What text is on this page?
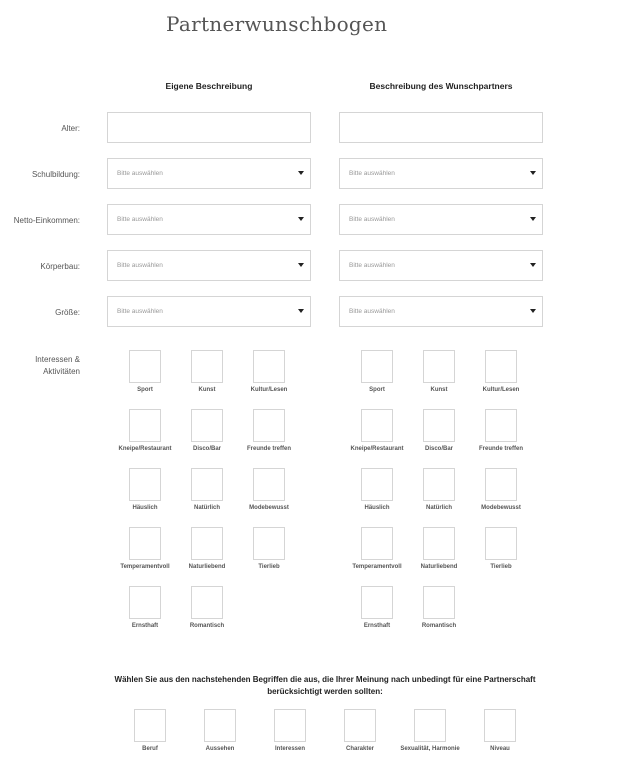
Partnerwunschbogen
Eigene Beschreibung	Beschreibung des Wunschpartners
Alter:
Schulbildung:	Bitte auswählen	Bitte auswählen
Netto-Einkommen:	Bitte auswählen	Bitte auswählen
Körperbau:	Bitte auswählen	Bitte auswählen
Größe:	Bitte auswählen	Bitte auswählen
Interessen &
Aktivitäten
Sport	Kunst	Kultur/Lesen
Kneipe/Restaurant	Disco/Bar	Freunde treffen
Häuslich	Natürlich	Modebewusst
Temperamentvoll	Naturliebend	Tierlieb
Ernsthaft	Romantisch
Sport	Kunst	Kultur/Lesen
Kneipe/Restaurant	Disco/Bar	Freunde treffen
Häuslich	Natürlich	Modebewusst
Temperamentvoll	Naturliebend	Tierlieb
Ernsthaft	Romantisch
Wählen Sie aus den nachstehenden Begriffen die aus, die Ihrer Meinung nach unbedingt für eine Partnerschaft
berücksichtigt werden sollten:
Beruf	Aussehen	Interessen	Charakter	Sexualität, Harmonie	Niveau
